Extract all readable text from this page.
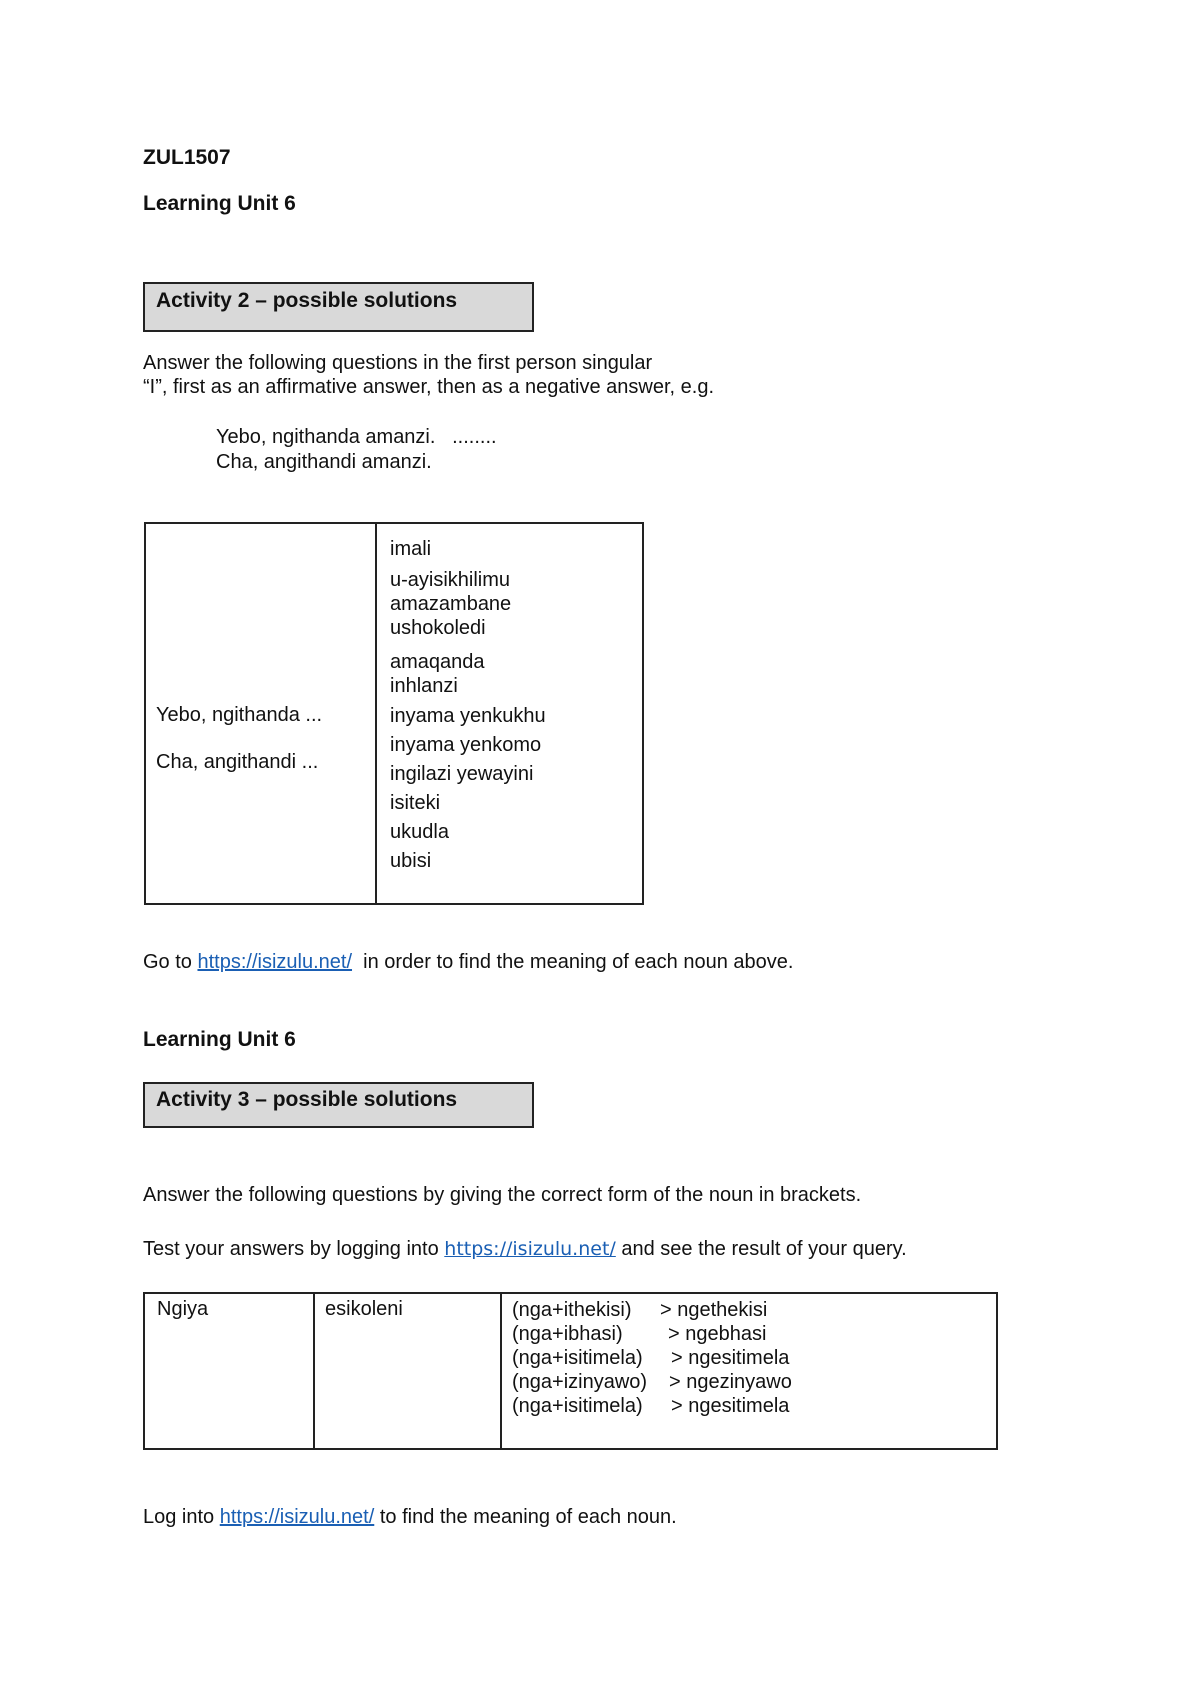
ZUL1507
Learning Unit 6
Activity 2 – possible solutions
Answer the following questions in the first person singular
“I”, first as an affirmative answer, then as a negative answer, e.g.
Yebo, ngithanda amanzi. ........
Cha, angithandi amanzi.
Yebo, ngithanda ...
Cha, angithandi ...
imali
u-ayisikhilimu
amazambane
ushokoledi
amaqanda
inhlanzi
inyama yenkukhu
inyama yenkomo
ingilazi yewayini
isiteki
ukudla
ubisi
Go to https://isizulu.net/ in order to find the meaning of each noun above.
Learning Unit 6
Activity 3 – possible solutions
Answer the following questions by giving the correct form of the noun in brackets.
Test your answers by logging into https://isizulu.net/ and see the result of your query.
Ngiya	esikoleni	(nga+ithekisi) > ngethekisi
(nga+ibhasi) > ngebhasi
(nga+isitimela) > ngesitimela
(nga+izinyawo) > ngezinyawo
(nga+isitimela) > ngesitimela
Log into https://isizulu.net/ to find the meaning of each noun.
